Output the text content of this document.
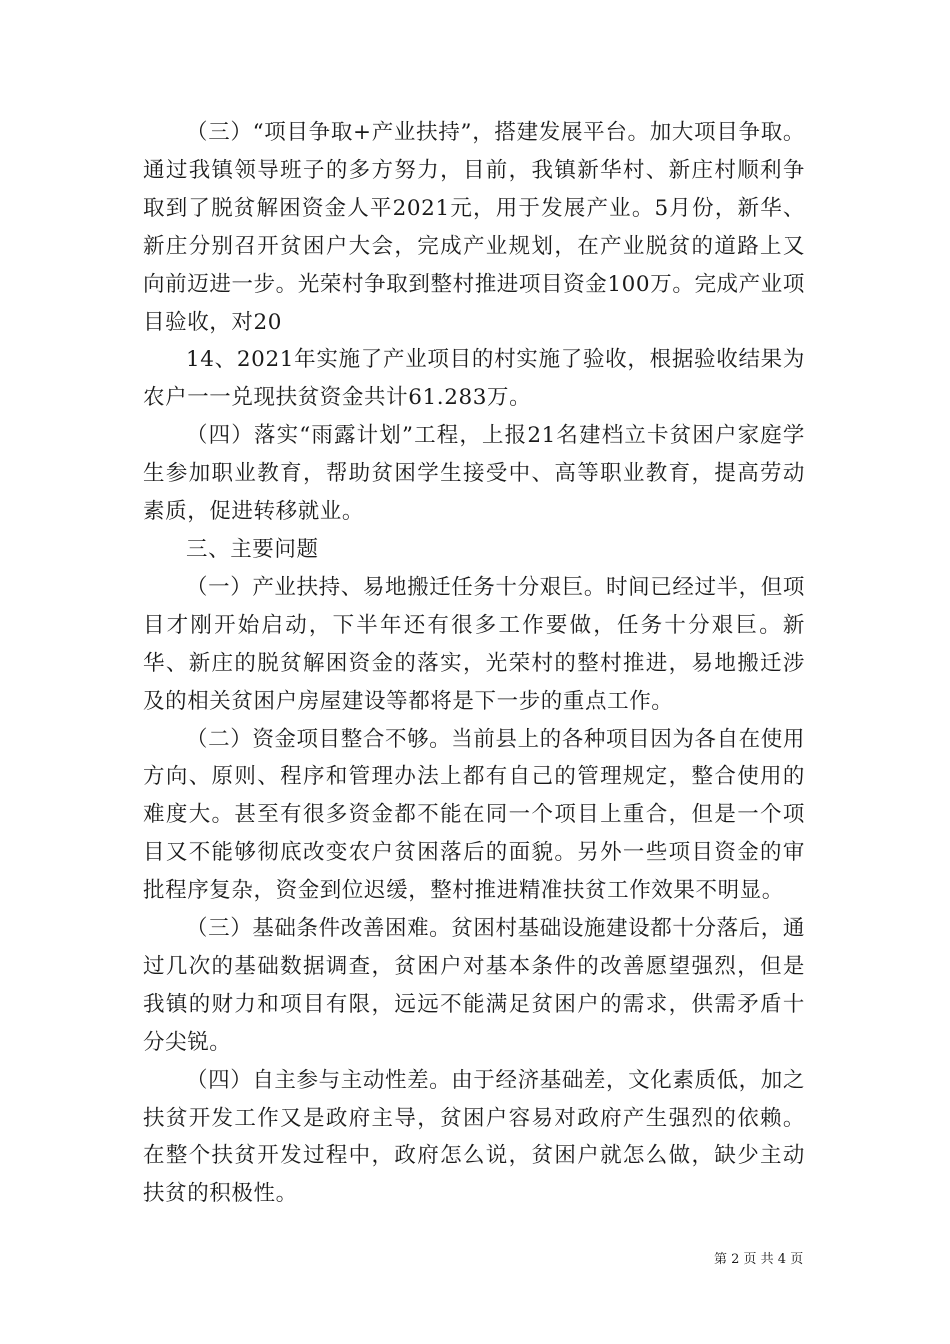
（三）“项目争取+产业扶持”，搭建发展平台。加大项目争取。通过我镇领导班子的多方努力，目前，我镇新华村、新庄村顺利争取到了脱贫解困资金人平2021元，用于发展产业。5月份，新华、新庄分别召开贫困户大会，完成产业规划，在产业脱贫的道路上又向前迈进一步。光荣村争取到整村推进项目资金100万。完成产业项目验收，对20

14、2021年实施了产业项目的村实施了验收，根据验收结果为农户一一兑现扶贫资金共计61.283万。

（四）落实“雨露计划”工程，上报21名建档立卡贫困户家庭学生参加职业教育，帮助贫困学生接受中、高等职业教育，提高劳动素质，促进转移就业。

三、主要问题

（一）产业扶持、易地搬迁任务十分艰巨。时间已经过半，但项目才刚开始启动，下半年还有很多工作要做，任务十分艰巨。新华、新庄的脱贫解困资金的落实，光荣村的整村推进，易地搬迁涉及的相关贫困户房屋建设等都将是下一步的重点工作。

（二）资金项目整合不够。当前县上的各种项目因为各自在使用方向、原则、程序和管理办法上都有自己的管理规定，整合使用的难度大。甚至有很多资金都不能在同一个项目上重合，但是一个项目又不能够彻底改变农户贫困落后的面貌。另外一些项目资金的审批程序复杂，资金到位迟缓，整村推进精准扶贫工作效果不明显。

（三）基础条件改善困难。贫困村基础设施建设都十分落后，通过几次的基础数据调查，贫困户对基本条件的改善愿望强烈，但是我镇的财力和项目有限，远远不能满足贫困户的需求，供需矛盾十分尖锐。

（四）自主参与主动性差。由于经济基础差，文化素质低，加之扶贫开发工作又是政府主导，贫困户容易对政府产生强烈的依赖。在整个扶贫开发过程中，政府怎么说，贫困户就怎么做，缺少主动扶贫的积极性。

第 2 页 共 4 页
